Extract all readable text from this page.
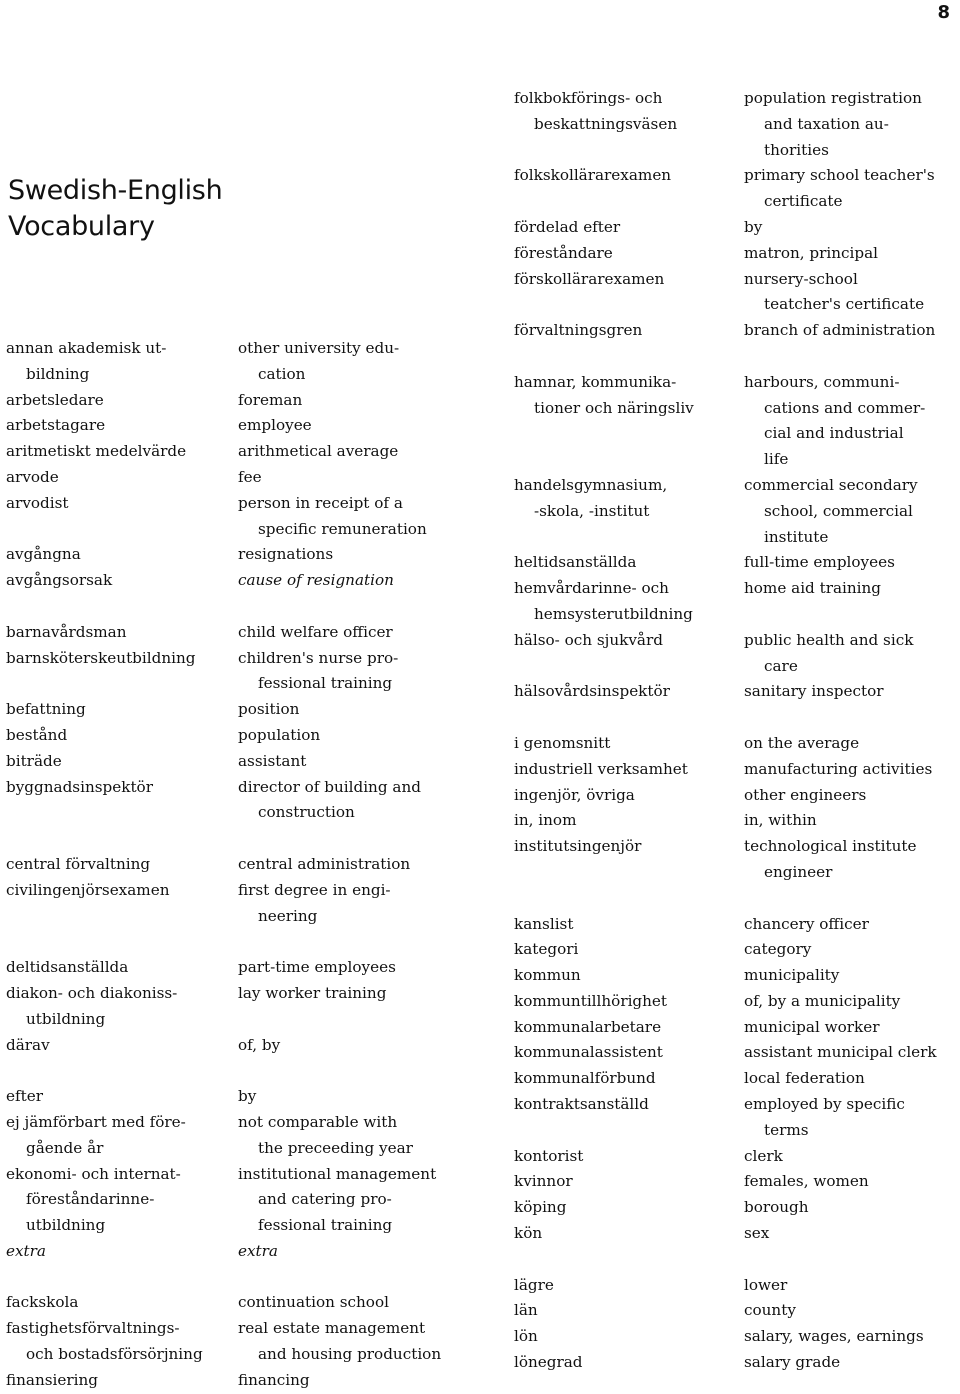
8
Swedish-English
Vocabulary
annan akademisk ut-
bildning
arbetsledare
arbetstagare
aritmetiskt medelvärde
arvode
arvodist
avgångna
avgångsorsak
barnavårdsman
barnsköterskeutbildning
befattning
bestånd
biträde
byggnadsinspektör
central förvaltning
civilingenjörsexamen
deltidsanställda
diakon- och diakoniss-
utbildning
därav
efter
ej jämförbart med före-
gående år
ekonomi- och internat-
föreståndarinne-
utbildning
extra
fackskola
fastighetsförvaltnings-
och bostadsförsörjning
finansiering
other university edu-
cation
foreman
employee
arithmetical average
fee
person in receipt of a
specific remuneration
resignations
cause of resignation
child welfare officer
children's nurse pro-
fessional training
position
population
assistant
director of building and
construction
central administration
first degree in engi-
neering
part-time employees
lay worker training
of, by
by
not comparable with
the preceeding year
institutional management
and catering pro-
fessional training
extra
continuation school
real estate management
and housing production
financing
folkbokförings- och
beskattningsväsen
folkskollärarexamen
fördelad efter
föreståndare
förskollärarexamen
förvaltningsgren
hamnar, kommunika-
tioner och näringsliv
handelsgymnasium,
-skola, -institut
heltidsanställda
hemvårdarinne- och
hemsysterutbildning
hälso- och sjukvård
hälsovårdsinspektör
i genomsnitt
industriell verksamhet
ingenjör, övriga
in, inom
institutsingenjör
kanslist
kategori
kommun
kommuntillhörighet
kommunalarbetare
kommunalassistent
kommunalförbund
kontraktsanställd
kontorist
kvinnor
köping
kön
lägre
län
lön
lönegrad
population registration
and taxation au-
thorities
primary school teacher's
certificate
by
matron, principal
nursery-school
teatcher's certificate
branch of administration
harbours, communi-
cations and commer-
cial and industrial
life
commercial secondary
school, commercial
institute
full-time employees
home aid training
public health and sick
care
sanitary inspector
on the average
manufacturing activities
other engineers
in, within
technological institute
engineer
chancery officer
category
municipality
of, by a municipality
municipal worker
assistant municipal clerk
local federation
employed by specific
terms
clerk
females, women
borough
sex
lower
county
salary, wages, earnings
salary grade
